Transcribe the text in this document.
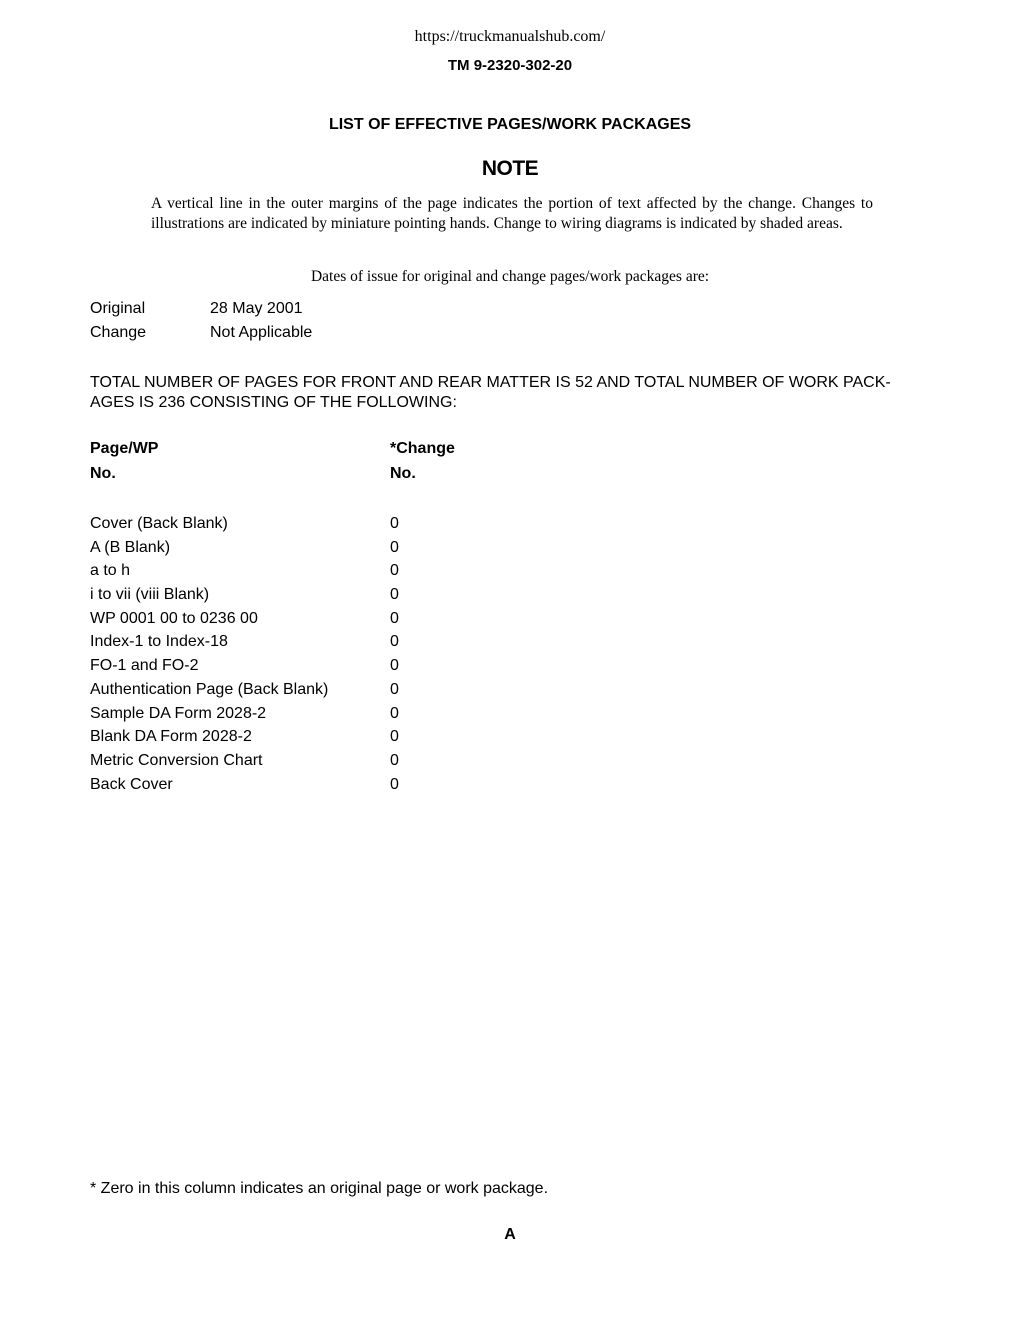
https://truckmanualshub.com/
TM 9-2320-302-20
LIST OF EFFECTIVE PAGES/WORK PACKAGES
NOTE
A vertical line in the outer margins of the page indicates the portion of text affected by the change. Changes to illustrations are indicated by miniature pointing hands. Change to wiring diagrams is indicated by shaded areas.
Dates of issue for original and change pages/work packages are:
Original	28 May 2001
Change	Not Applicable
TOTAL NUMBER OF PAGES FOR FRONT AND REAR MATTER IS 52 AND TOTAL NUMBER OF WORK PACK-AGES IS 236 CONSISTING OF THE FOLLOWING:
Page/WP	*Change
No.	No.
Cover (Back Blank)	0
A (B Blank)	0
a to h	0
i to vii (viii Blank)	0
WP 0001 00 to 0236 00	0
Index-1 to Index-18	0
FO-1 and FO-2	0
Authentication Page (Back Blank)	0
Sample DA Form 2028-2	0
Blank DA Form 2028-2	0
Metric Conversion Chart	0
Back Cover	0
* Zero in this column indicates an original page or work package.
A
